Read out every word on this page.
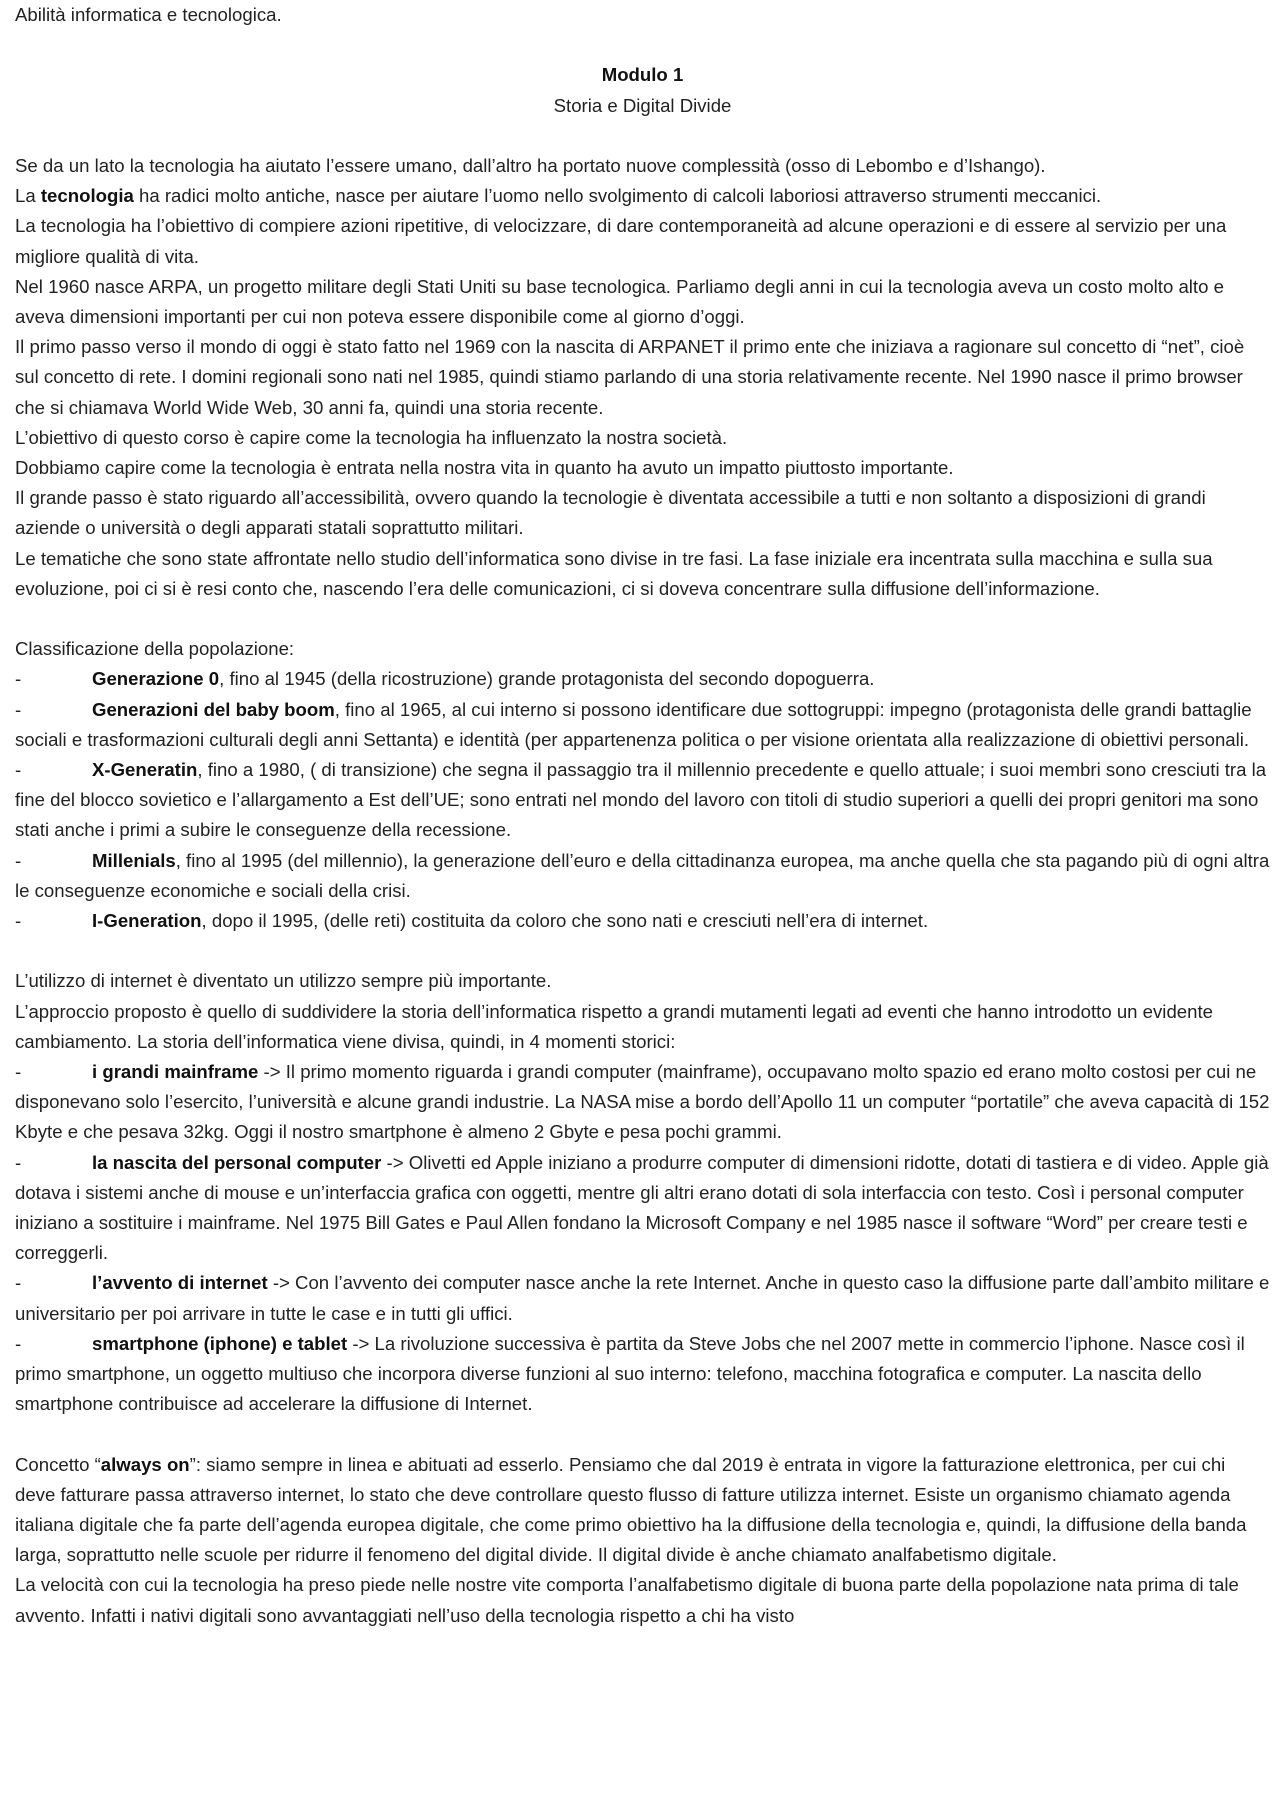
Abilità informatica e tecnologica.

Modulo 1

Storia e Digital Divide

Se da un lato la tecnologia ha aiutato l’essere umano, dall’altro ha portato nuove complessità (osso di Lebombo e d’Ishango).

La tecnologia ha radici molto antiche, nasce per aiutare l’uomo nello svolgimento di calcoli laboriosi attraverso strumenti meccanici.

La tecnologia ha l’obiettivo di compiere azioni ripetitive, di velocizzare, di dare contemporaneità ad alcune operazioni e di essere al servizio per una migliore qualità di vita.

Nel 1960 nasce ARPA, un progetto militare degli Stati Uniti su base tecnologica. Parliamo degli anni in cui la tecnologia aveva un costo molto alto e aveva dimensioni importanti per cui non poteva essere disponibile come al giorno d’oggi.

Il primo passo verso il mondo di oggi è stato fatto nel 1969 con la nascita di ARPANET il primo ente che iniziava a ragionare sul concetto di “net”, cioè sul concetto di rete. I domini regionali sono nati nel 1985, quindi stiamo parlando di una storia relativamente recente. Nel 1990 nasce il primo browser che si chiamava World Wide Web, 30 anni fa, quindi una storia recente.

L’obiettivo di questo corso è capire come la tecnologia ha influenzato la nostra società.

Dobbiamo capire come la tecnologia è entrata nella nostra vita in quanto ha avuto un impatto piuttosto importante.

Il grande passo è stato riguardo all’accessibilità, ovvero quando la tecnologie è diventata accessibile a tutti e non soltanto a disposizioni di grandi aziende o università o degli apparati statali soprattutto militari.

Le tematiche che sono state affrontate nello studio dell’informatica sono divise in tre fasi. La fase iniziale era incentrata sulla macchina e sulla sua evoluzione, poi ci si è resi conto che, nascendo l’era delle comunicazioni, ci si doveva concentrare sulla diffusione dell’informazione.

Classificazione della popolazione:

-	Generazione 0, fino al 1945 (della ricostruzione) grande protagonista del secondo dopoguerra.

-	Generazioni del baby boom, fino al 1965, al cui interno si possono identificare due sottogruppi: impegno (protagonista delle grandi battaglie sociali e trasformazioni culturali degli anni Settanta) e identità (per appartenenza politica o per visione orientata alla realizzazione di obiettivi personali.

-	X-Generatin, fino a 1980, ( di transizione) che segna il passaggio tra il millennio precedente e quello attuale; i suoi membri sono cresciuti tra la fine del blocco sovietico e l’allargamento a Est dell’UE; sono entrati nel mondo del lavoro con titoli di studio superiori a quelli dei propri genitori ma sono stati anche i primi a subire le conseguenze della recessione.

-	Millenials, fino al 1995 (del millennio), la generazione dell’euro e della cittadinanza europea, ma anche quella che sta pagando più di ogni altra le conseguenze economiche e sociali della crisi.

-	I-Generation, dopo il 1995, (delle reti) costituita da coloro che sono nati e cresciuti nell’era di internet.

L’utilizzo di internet è diventato un utilizzo sempre più importante.

L’approccio proposto è quello di suddividere la storia dell’informatica rispetto a grandi mutamenti legati ad eventi che hanno introdotto un evidente cambiamento. La storia dell’informatica viene divisa, quindi, in 4 momenti storici:

-	i grandi mainframe -> Il primo momento riguarda i grandi computer (mainframe), occupavano molto spazio ed erano molto costosi per cui ne disponevano solo l’esercito, l’università e alcune grandi industrie. La NASA mise a bordo dell’Apollo 11 un computer “portatile” che aveva capacità di 152 Kbyte e che pesava 32kg. Oggi il nostro smartphone è almeno 2 Gbyte e pesa pochi grammi.

-	la nascita del personal computer -> Olivetti ed Apple iniziano a produrre computer di dimensioni ridotte, dotati di tastiera e di video. Apple già dotava i sistemi anche di mouse e un’interfaccia grafica con oggetti, mentre gli altri erano dotati di sola interfaccia con testo. Così i personal computer iniziano a sostituire i mainframe. Nel 1975 Bill Gates e Paul Allen fondano la Microsoft Company e nel 1985 nasce il software “Word” per creare testi e correggerli.

-	l’avvento di internet -> Con l’avvento dei computer nasce anche la rete Internet. Anche in questo caso la diffusione parte dall’ambito militare e universitario per poi arrivare in tutte le case e in tutti gli uffici.

-	smartphone (iphone) e tablet -> La rivoluzione successiva è partita da Steve Jobs che nel 2007 mette in commercio l’iphone. Nasce così il primo smartphone, un oggetto multiuso che incorpora diverse funzioni al suo interno: telefono, macchina fotografica e computer. La nascita dello smartphone contribuisce ad accelerare la diffusione di Internet.

Concetto “always on”: siamo sempre in linea e abituati ad esserlo. Pensiamo che dal 2019 è entrata in vigore la fatturazione elettronica, per cui chi deve fatturare passa attraverso internet, lo stato che deve controllare questo flusso di fatture utilizza internet. Esiste un organismo chiamato agenda italiana digitale che fa parte dell’agenda europea digitale, che come primo obiettivo ha la diffusione della tecnologia e, quindi, la diffusione della banda larga, soprattutto nelle scuole per ridurre il fenomeno del digital divide. Il digital divide è anche chiamato analfabetismo digitale.

La velocità con cui la tecnologia ha preso piede nelle nostre vite comporta l’analfabetismo digitale di buona parte della popolazione nata prima di tale avvento. Infatti i nativi digitali sono avvantaggiati nell’uso della tecnologia rispetto a chi ha visto
